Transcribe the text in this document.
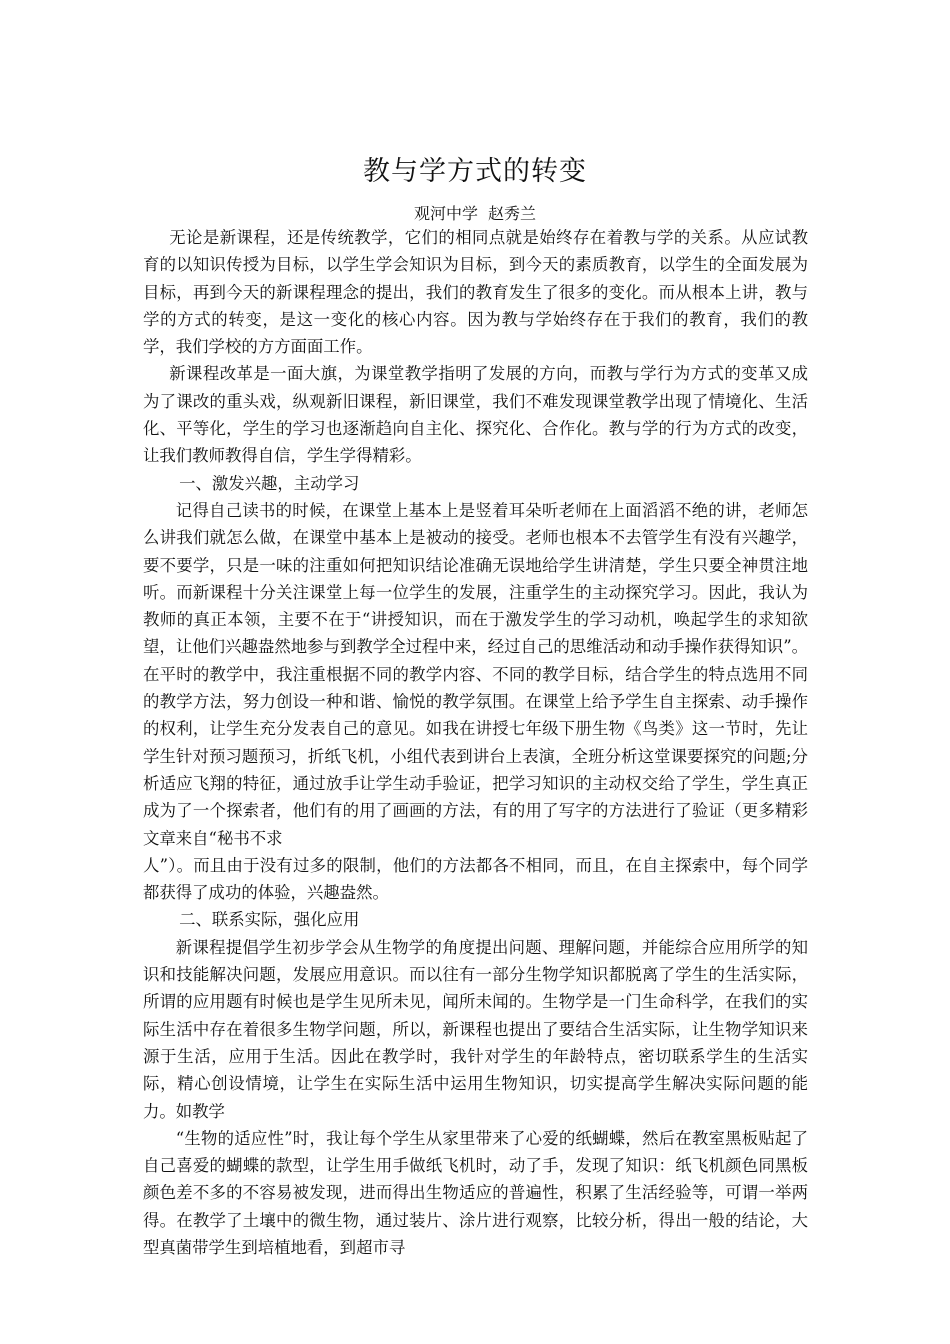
教与学方式的转变
观河中学 赵秀兰

无论是新课程，还是传统教学，它们的相同点就是始终存在着教与学的关系。从应试教育的以知识传授为目标，以学生学会知识为目标，到今天的素质教育，以学生的全面发展为目标，再到今天的新课程理念的提出，我们的教育发生了很多的变化。而从根本上讲，教与学的方式的转变，是这一变化的核心内容。因为教与学始终存在于我们的教育，我们的教学，我们学校的方方面面工作。

新课程改革是一面大旗，为课堂教学指明了发展的方向，而教与学行为方式的变革又成为了课改的重头戏，纵观新旧课程，新旧课堂，我们不难发现课堂教学出现了情境化、生活化、平等化，学生的学习也逐渐趋向自主化、探究化、合作化。教与学的行为方式的改变，让我们教师教得自信，学生学得精彩。

一、激发兴趣，主动学习

记得自己读书的时候，在课堂上基本上是竖着耳朵听老师在上面滔滔不绝的讲，老师怎么讲我们就怎么做，在课堂中基本上是被动的接受。老师也根本不去管学生有没有兴趣学，要不要学，只是一味的注重如何把知识结论准确无误地给学生讲清楚，学生只要全神贯注地听。而新课程十分关注课堂上每一位学生的发展，注重学生的主动探究学习。因此，我认为教师的真正本领，主要不在于“讲授知识，而在于激发学生的学习动机，唤起学生的求知欲望，让他们兴趣盎然地参与到教学全过程中来，经过自己的思维活动和动手操作获得知识”。在平时的教学中，我注重根据不同的教学内容、不同的教学目标，结合学生的特点选用不同的教学方法，努力创设一种和谐、愉悦的教学氛围。在课堂上给予学生自主探索、动手操作的权利，让学生充分发表自己的意见。如我在讲授七年级下册生物《鸟类》这一节时，先让学生针对预习题预习，折纸飞机，小组代表到讲台上表演，全班分析这堂课要探究的问题;分析适应飞翔的特征，通过放手让学生动手验证，把学习知识的主动权交给了学生，学生真正成为了一个探索者，他们有的用了画画的方法，有的用了写字的方法进行了验证（更多精彩文章来自“秘书不求

人”）。而且由于没有过多的限制，他们的方法都各不相同，而且，在自主探索中，每个同学都获得了成功的体验，兴趣盎然。

二、联系实际，强化应用

新课程提倡学生初步学会从生物学的角度提出问题、理解问题，并能综合应用所学的知识和技能解决问题，发展应用意识。而以往有一部分生物学知识都脱离了学生的生活实际，所谓的应用题有时候也是学生见所未见，闻所未闻的。生物学是一门生命科学，在我们的实际生活中存在着很多生物学问题，所以，新课程也提出了要结合生活实际，让生物学知识来源于生活，应用于生活。因此在教学时，我针对学生的年龄特点，密切联系学生的生活实际，精心创设情境，让学生在实际生活中运用生物知识，切实提高学生解决实际问题的能力。如教学

“生物的适应性”时，我让每个学生从家里带来了心爱的纸蝴蝶，然后在教室黑板贴起了自己喜爱的蝴蝶的款型，让学生用手做纸飞机时，动了手，发现了知识：纸飞机颜色同黑板颜色差不多的不容易被发现，进而得出生物适应的普遍性，积累了生活经验等，可谓一举两得。在教学了土壤中的微生物，通过装片、涂片进行观察，比较分析，得出一般的结论，大型真菌带学生到培植地看，到超市寻
